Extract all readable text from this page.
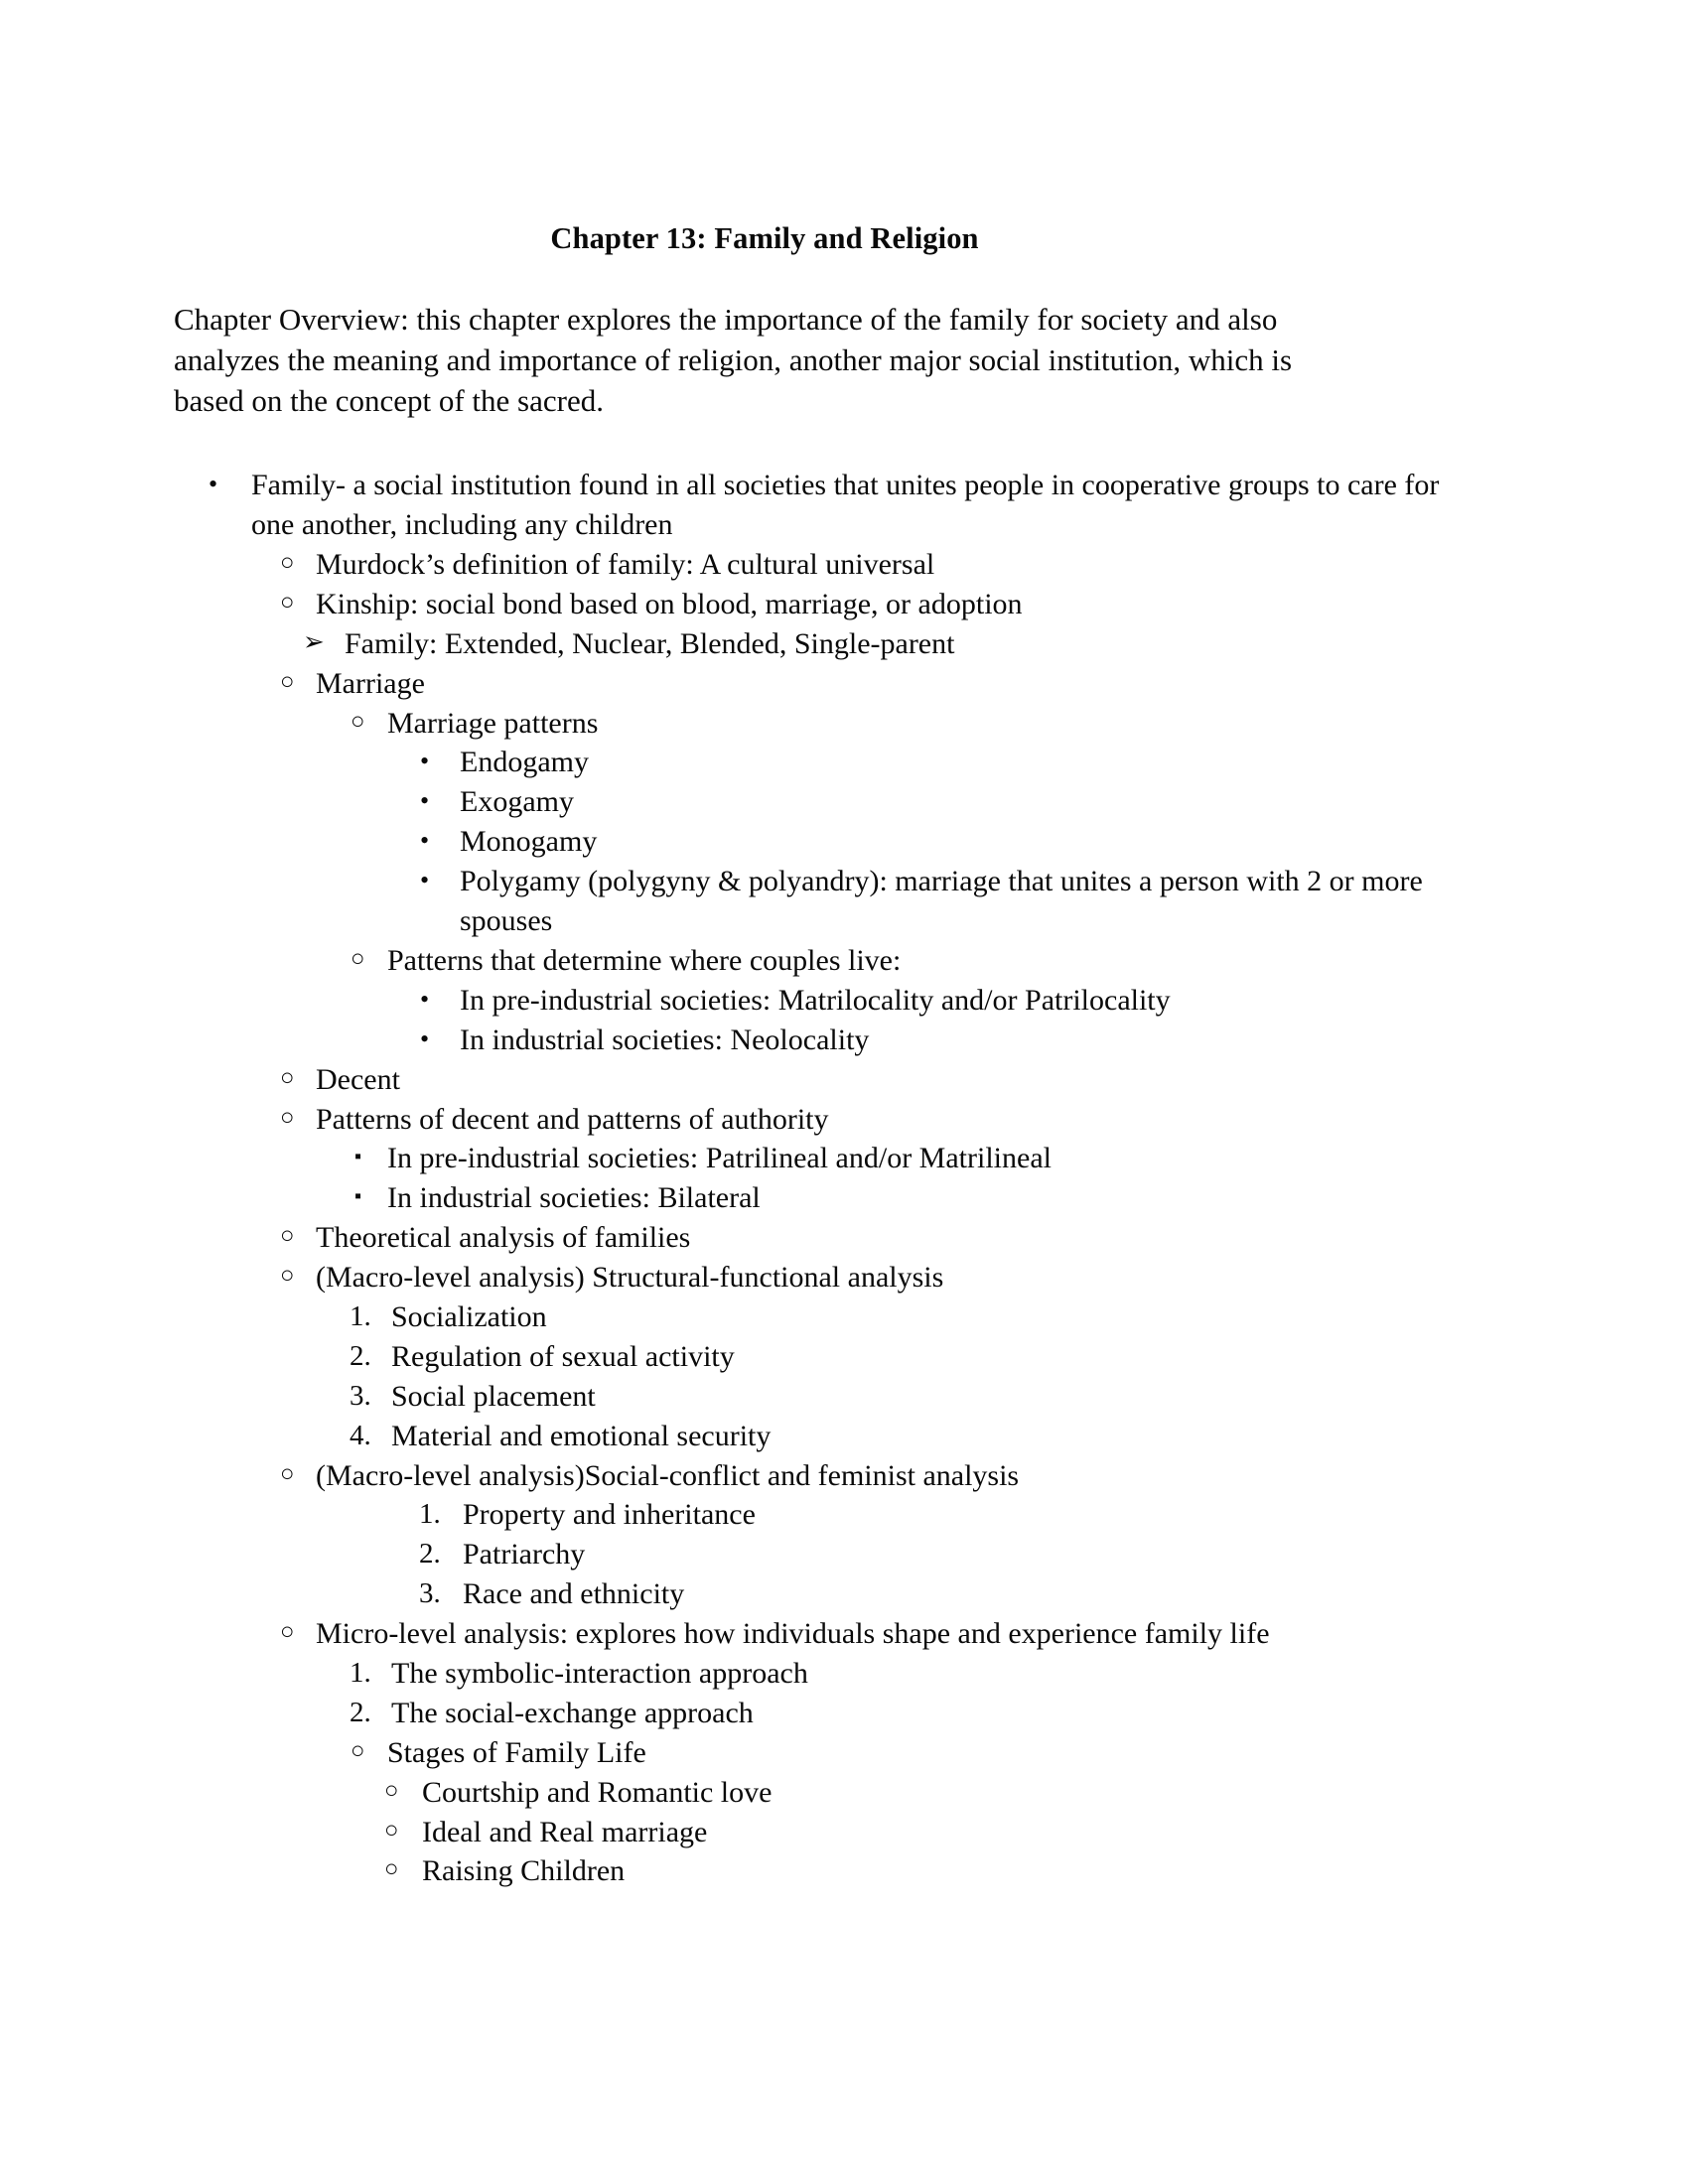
Chapter 13: Family and Religion

Chapter Overview: this chapter explores the importance of the family for society and also analyzes the meaning and importance of religion, another major social institution, which is based on the concept of the sacred.

•	Family- a social institution found in all societies that unites people in cooperative groups to care for one another, including any children
○ Murdock’s definition of family: A cultural universal
○ Kinship: social bond based on blood, marriage, or adoption
➢ Family: Extended, Nuclear, Blended, Single-parent
○ Marriage
○ Marriage patterns
•	Endogamy
•	Exogamy
•	Monogamy
•	Polygamy (polygyny & polyandry): marriage that unites a person with 2 or more spouses
○ Patterns that determine where couples live:
•	In pre-industrial societies: Matrilocality and/or Patrilocality
•	In industrial societies: Neolocality
○ Decent
○ Patterns of decent and patterns of authority
▪ In pre-industrial societies: Patrilineal and/or Matrilineal
▪ In industrial societies: Bilateral
○ Theoretical analysis of families
○ (Macro-level analysis) Structural-functional analysis
1. Socialization
2. Regulation of sexual activity
3. Social placement
4. Material and emotional security
○ (Macro-level analysis)Social-conflict and feminist analysis
1. Property and inheritance
2. Patriarchy
3. Race and ethnicity
○ Micro-level analysis: explores how individuals shape and experience family life
1. The symbolic-interaction approach
2. The social-exchange approach
○ Stages of Family Life
○ Courtship and Romantic love
○ Ideal and Real marriage
○ Raising Children
